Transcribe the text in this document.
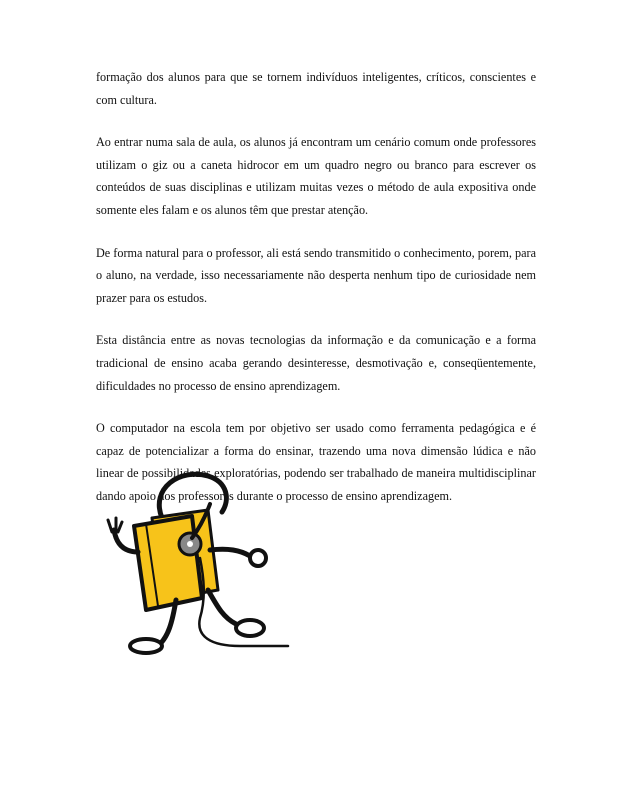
formação dos alunos para que se tornem indivíduos inteligentes, críticos, conscientes e com cultura.

Ao entrar numa sala de aula, os alunos já encontram um cenário comum onde professores utilizam o giz ou a caneta hidrocor em um quadro negro ou branco para escrever os conteúdos de suas disciplinas e utilizam muitas vezes o método de aula expositiva onde somente eles falam e os alunos têm que prestar atenção.

De forma natural para o professor, ali está sendo transmitido o conhecimento, porem, para o aluno, na verdade, isso necessariamente não desperta nenhum tipo de curiosidade nem prazer para os estudos.

Esta distância entre as novas tecnologias da informação e da comunicação e a forma tradicional de ensino acaba gerando desinteresse, desmotivação e, conseqüentemente, dificuldades no processo de ensino aprendizagem.

O computador na escola tem por objetivo ser usado como ferramenta pedagógica e é capaz de potencializar a forma do ensinar, trazendo uma nova dimensão lúdica e não linear de possibilidades exploratórias, podendo ser trabalhado de maneira multidisciplinar dando apoio aos professores durante o processo de ensino aprendizagem.
